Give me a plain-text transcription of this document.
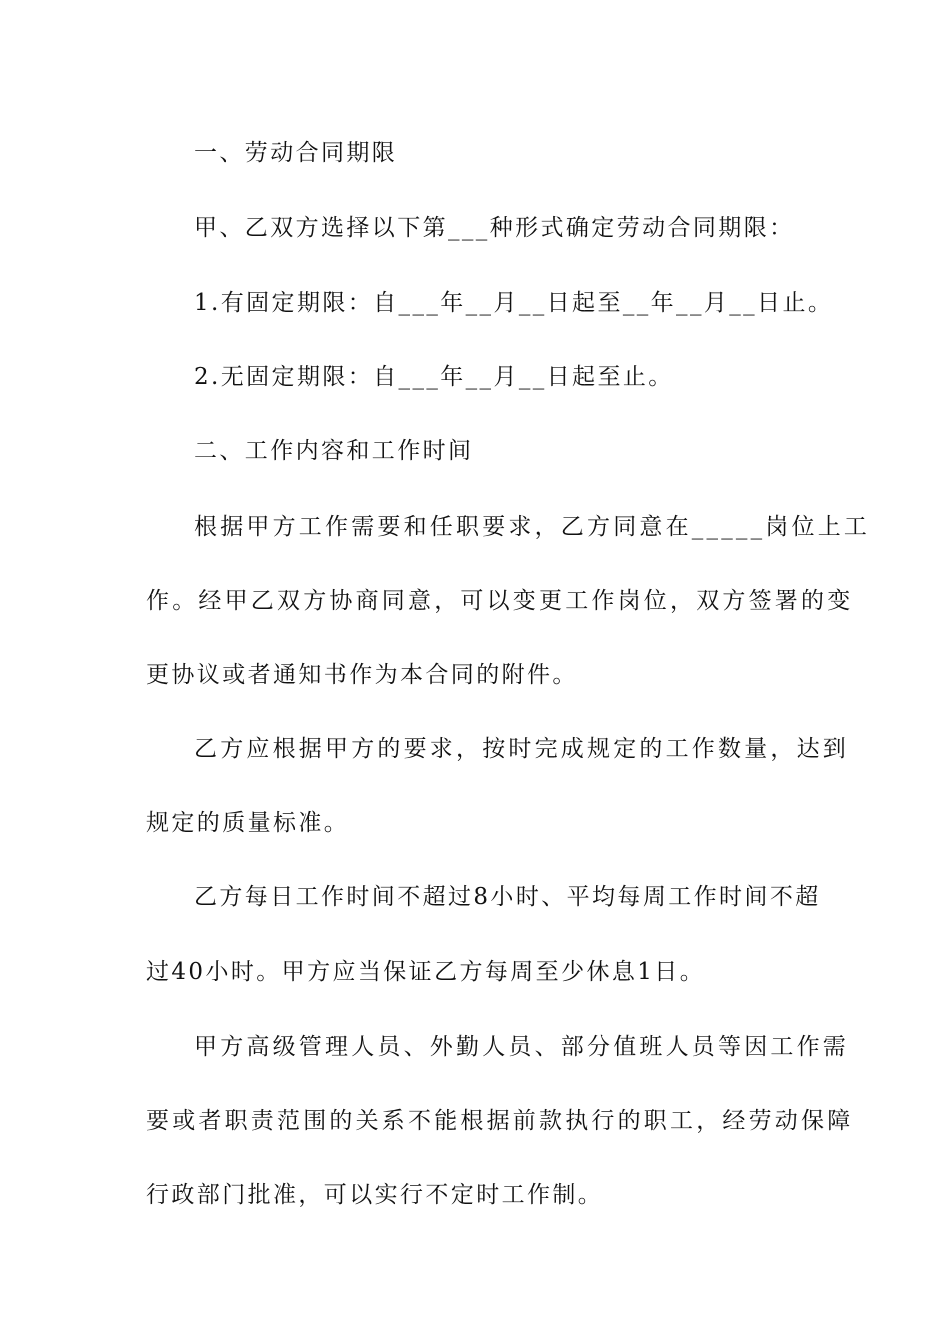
一、劳动合同期限
甲、乙双方选择以下第___种形式确定劳动合同期限：
1.有固定期限：自___年__月__日起至__年__月__日止。
2.无固定期限：自___年__月__日起至止。
二、工作内容和工作时间
根据甲方工作需要和任职要求，乙方同意在_____岗位上工
作。经甲乙双方协商同意，可以变更工作岗位，双方签署的变
更协议或者通知书作为本合同的附件。
乙方应根据甲方的要求，按时完成规定的工作数量，达到
规定的质量标准。
乙方每日工作时间不超过8小时、平均每周工作时间不超
过40小时。甲方应当保证乙方每周至少休息1日。
甲方高级管理人员、外勤人员、部分值班人员等因工作需
要或者职责范围的关系不能根据前款执行的职工，经劳动保障
行政部门批准，可以实行不定时工作制。
